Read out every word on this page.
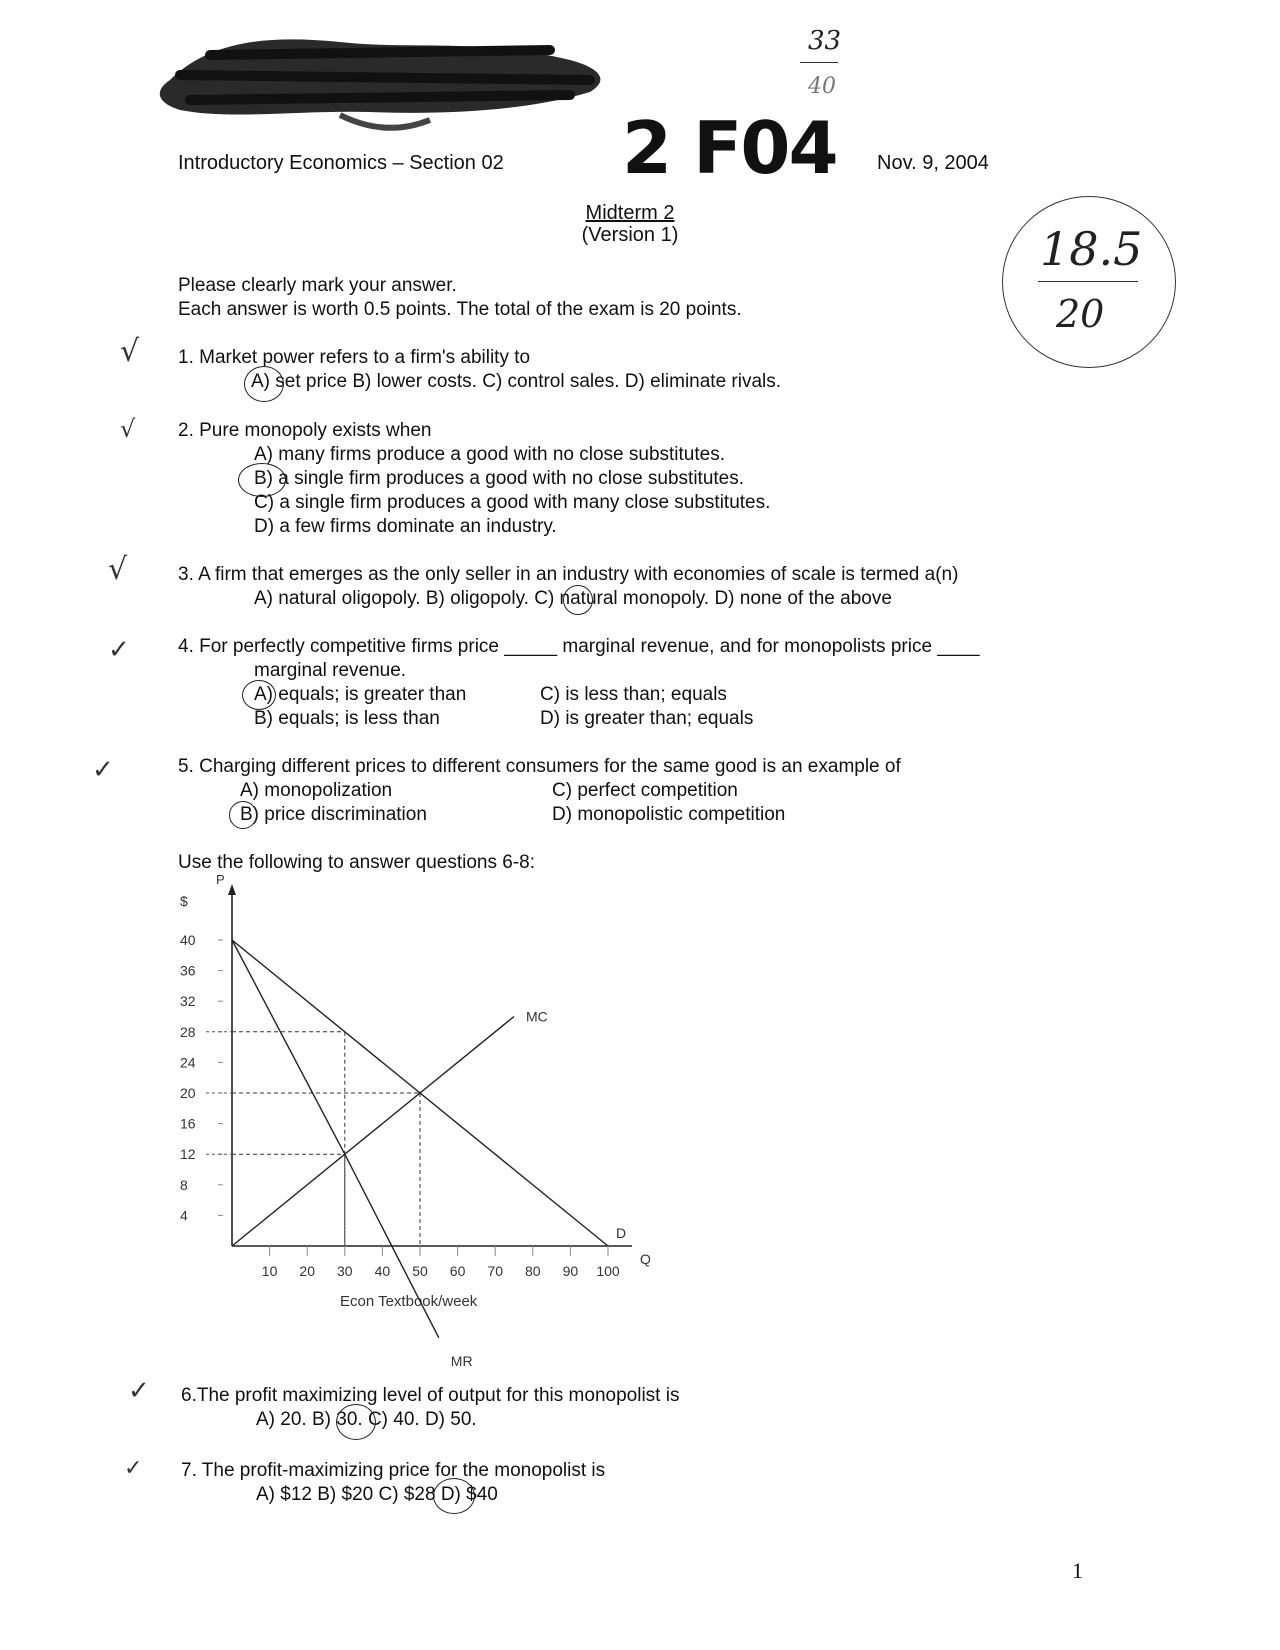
Introductory Economics – Section 02 2 F04 Nov. 9, 2004
Midterm 2
(Version 1)
33
40
18.5
20
Please clearly mark your answer.
Each answer is worth 0.5 points. The total of the exam is 20 points.
√ 1. Market power refers to a firm's ability to
A) set price B) lower costs. C) control sales. D) eliminate rivals.
√ 2. Pure monopoly exists when
A) many firms produce a good with no close substitutes.
B) a single firm produces a good with no close substitutes.
C) a single firm produces a good with many close substitutes.
D) a few firms dominate an industry.
√	3. A firm that emerges as the only seller in an industry with economies of scale is termed a(n)
A) natural oligopoly. B) oligopoly. C) natural monopoly. D) none of the above
✓	4. For perfectly competitive firms price _____ marginal revenue, and for monopolists price ____
marginal revenue.
A) equals; is greater than
B) equals; is less than
C) is less than; equals
D) is greater than; equals
✓	5. Charging different prices to different consumers for the same good is an example of
A) monopolization
B) price discrimination
C) perfect competition
D) monopolistic competition
Use the following to answer questions 6-8:
P
$
Q
Econ Textbook/week
4
8
12
16
20
24
28
32
36
40
10 20 30 40 50 60 70 80 90 100
D
MR
MC
✓ 6.The profit maximizing level of output for this monopolist is
A) 20. B) 30. C) 40. D) 50.
✓ 7. The profit-maximizing price for the monopolist is
A) $12 B) $20 C) $28 D) $40
1
